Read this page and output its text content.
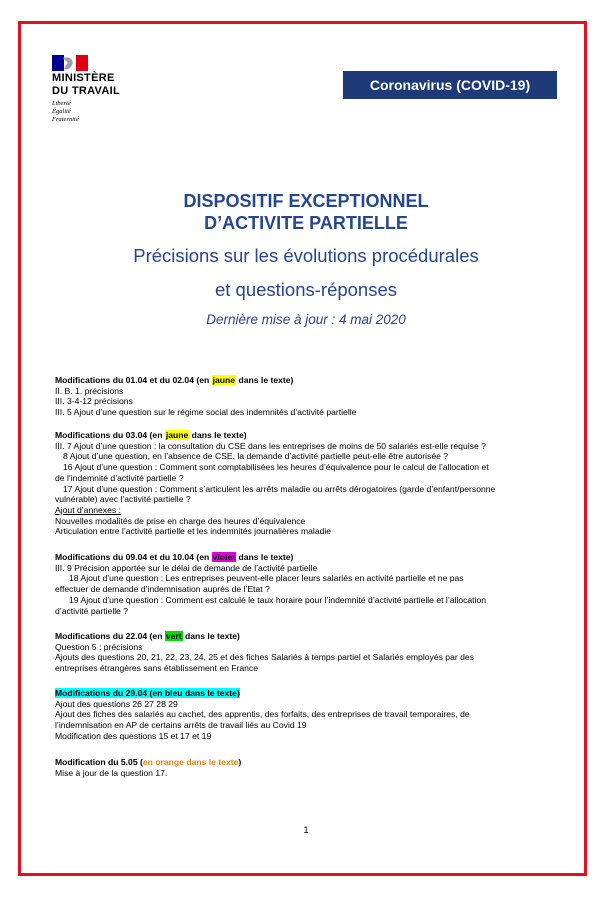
MINISTÈRE
DU TRAVAIL
Liberté
Égalité
Fraternité
Coronavirus (COVID-19)
DISPOSITIF EXCEPTIONNEL
D’ACTIVITE PARTIELLE
Précisions sur les évolutions procédurales
et questions-réponses
Dernière mise à jour : 4 mai 2020
Modifications du 01.04 et du 02.04 (en jaune dans le texte)
II. B. 1. précisions
III. 3-4-12 précisions
III. 5 Ajout d’une question sur le régime social des indemnités d’activité partielle
Modifications du 03.04 (en jaune dans le texte)
III. 7 Ajout d’une question : la consultation du CSE dans les entreprises de moins de 50 salariés est-elle requise ?
8 Ajout d’une question, en l’absence de CSE, la demande d’activité partielle peut-elle être autorisée ?
16 Ajout d’une question : Comment sont comptabilisées les heures d’équivalence pour le calcul de l’allocation et
de l’indemnité d’activité partielle ?
17 Ajout d’une question : Comment s’articulent les arrêts maladie ou arrêts dérogatoires (garde d’enfant/personne
vulnérable) avec l’activité partielle ?
Ajout d’annexes :
Nouvelles modalités de prise en charge des heures d’équivalence
Articulation entre l’activité partielle et les indemnités journalières maladie
Modifications du 09.04 et du 10.04 (en violet dans le texte)
III. 9 Précision apportée sur le délai de demande de l’activité partielle
18 Ajout d’une question : Les entreprises peuvent-elle placer leurs salariés en activité partielle et ne pas
effectuer de demande d’indemnisation auprès de l’Etat ?
19 Ajout d’une question : Comment est calculé le taux horaire pour l’indemnité d’activité partielle et l’allocation
d’activité partielle ?
Modifications du 22.04 (en vert dans le texte)
Question 5 : précisions
Ajouts des questions 20, 21, 22, 23, 24, 25 et des fiches Salariés à temps partiel et Salariés employés par des
entreprises étrangères sans établissement en France
Modifications du 29.04 (en bleu dans le texte)
Ajout des questions 26 27 28 29
Ajout des fiches des salariés au cachet, des apprentis, des forfaits, des entreprises de travail temporaires, de
l’indemnisation en AP de certains arrêts de travail liés au Covid 19
Modification des questions 15 et 17 et 19
Modification du 5.05 (en orange dans le texte)
Mise à jour de la question 17.
1
